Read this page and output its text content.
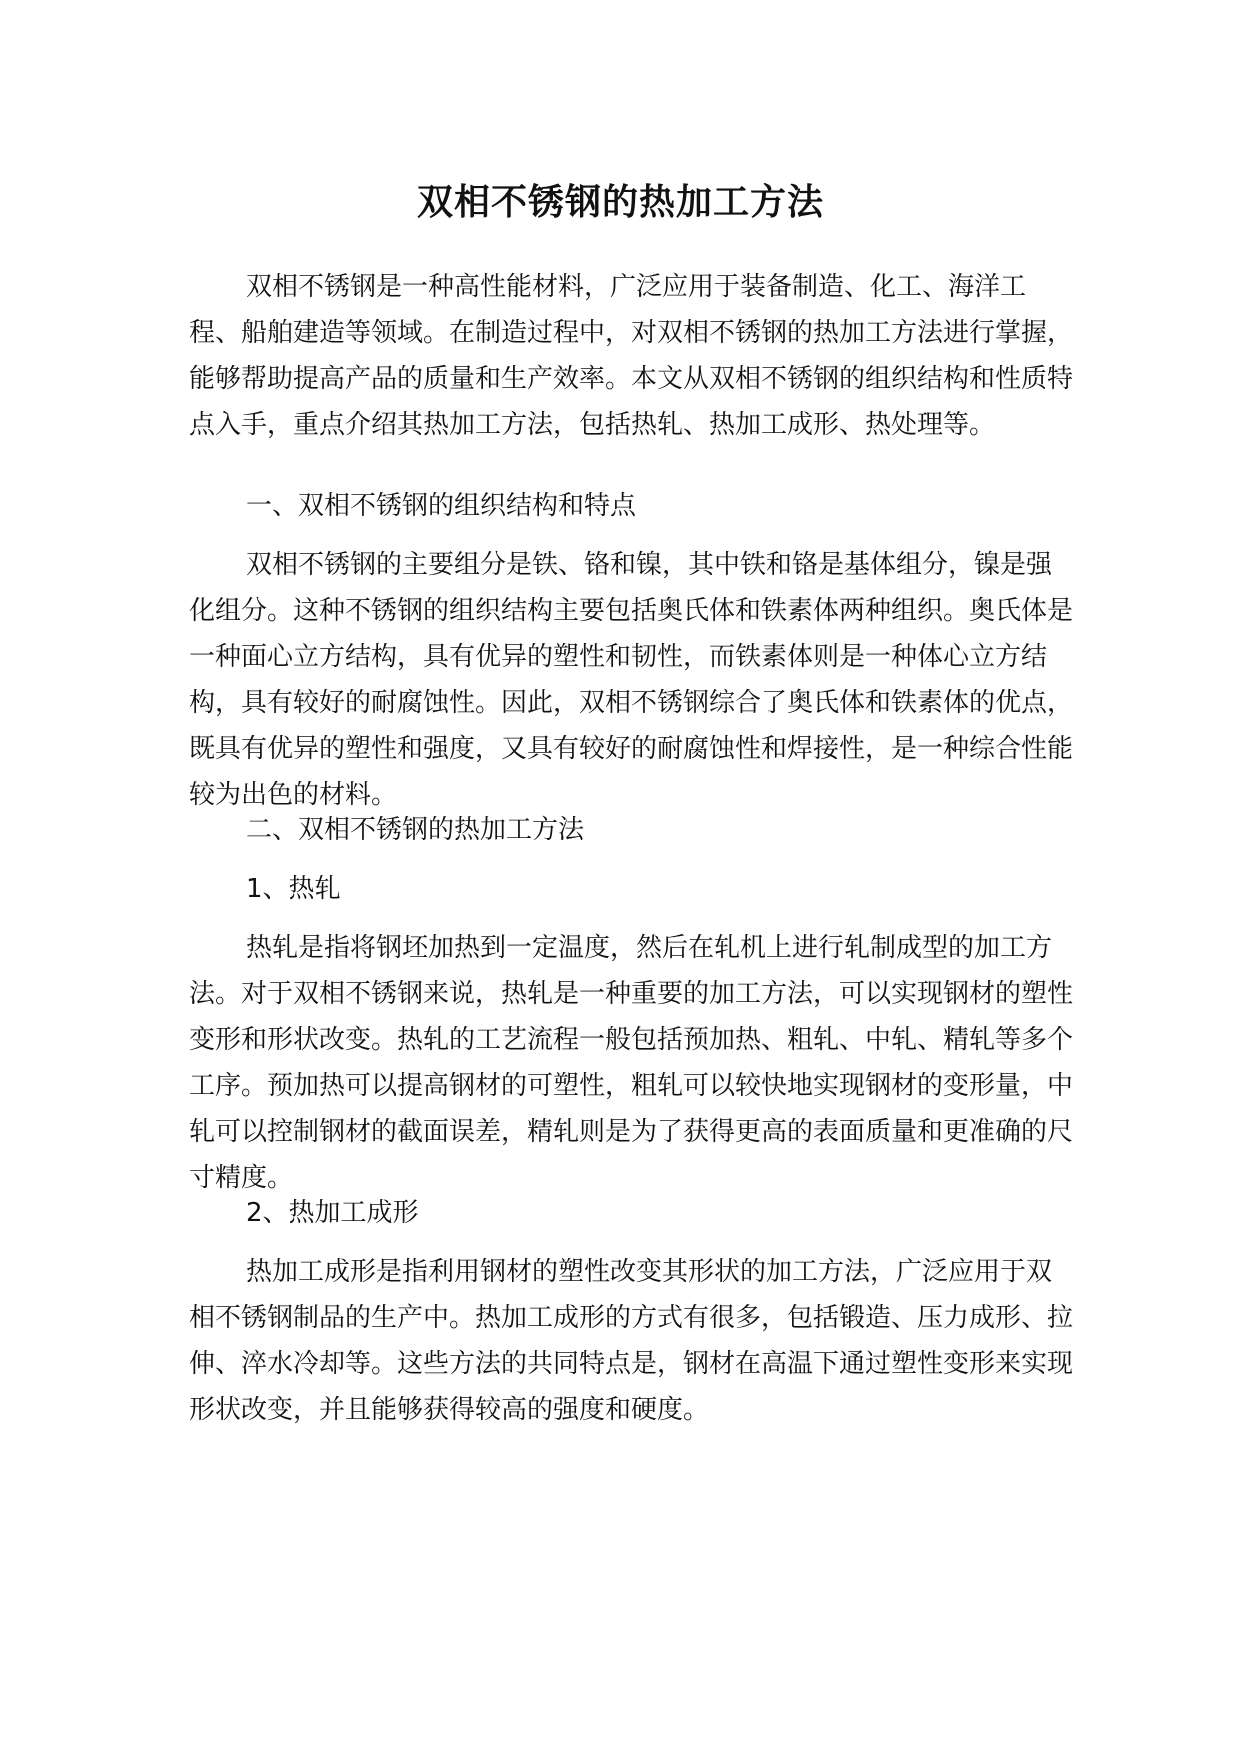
双相不锈钢的热加工方法
双相不锈钢是一种高性能材料，广泛应用于装备制造、化工、海洋工程、船舶建造等领域。在制造过程中，对双相不锈钢的热加工方法进行掌握，能够帮助提高产品的质量和生产效率。本文从双相不锈钢的组织结构和性质特点入手，重点介绍其热加工方法，包括热轧、热加工成形、热处理等。
一、双相不锈钢的组织结构和特点
双相不锈钢的主要组分是铁、铬和镍，其中铁和铬是基体组分，镍是强化组分。这种不锈钢的组织结构主要包括奥氏体和铁素体两种组织。奥氏体是一种面心立方结构，具有优异的塑性和韧性，而铁素体则是一种体心立方结构，具有较好的耐腐蚀性。因此，双相不锈钢综合了奥氏体和铁素体的优点，既具有优异的塑性和强度，又具有较好的耐腐蚀性和焊接性，是一种综合性能较为出色的材料。
二、双相不锈钢的热加工方法
1、热轧
热轧是指将钢坯加热到一定温度，然后在轧机上进行轧制成型的加工方法。对于双相不锈钢来说，热轧是一种重要的加工方法，可以实现钢材的塑性变形和形状改变。热轧的工艺流程一般包括预加热、粗轧、中轧、精轧等多个工序。预加热可以提高钢材的可塑性，粗轧可以较快地实现钢材的变形量，中轧可以控制钢材的截面误差，精轧则是为了获得更高的表面质量和更准确的尺寸精度。
2、热加工成形
热加工成形是指利用钢材的塑性改变其形状的加工方法，广泛应用于双相不锈钢制品的生产中。热加工成形的方式有很多，包括锻造、压力成形、拉伸、淬水冷却等。这些方法的共同特点是，钢材在高温下通过塑性变形来实现形状改变，并且能够获得较高的强度和硬度。
